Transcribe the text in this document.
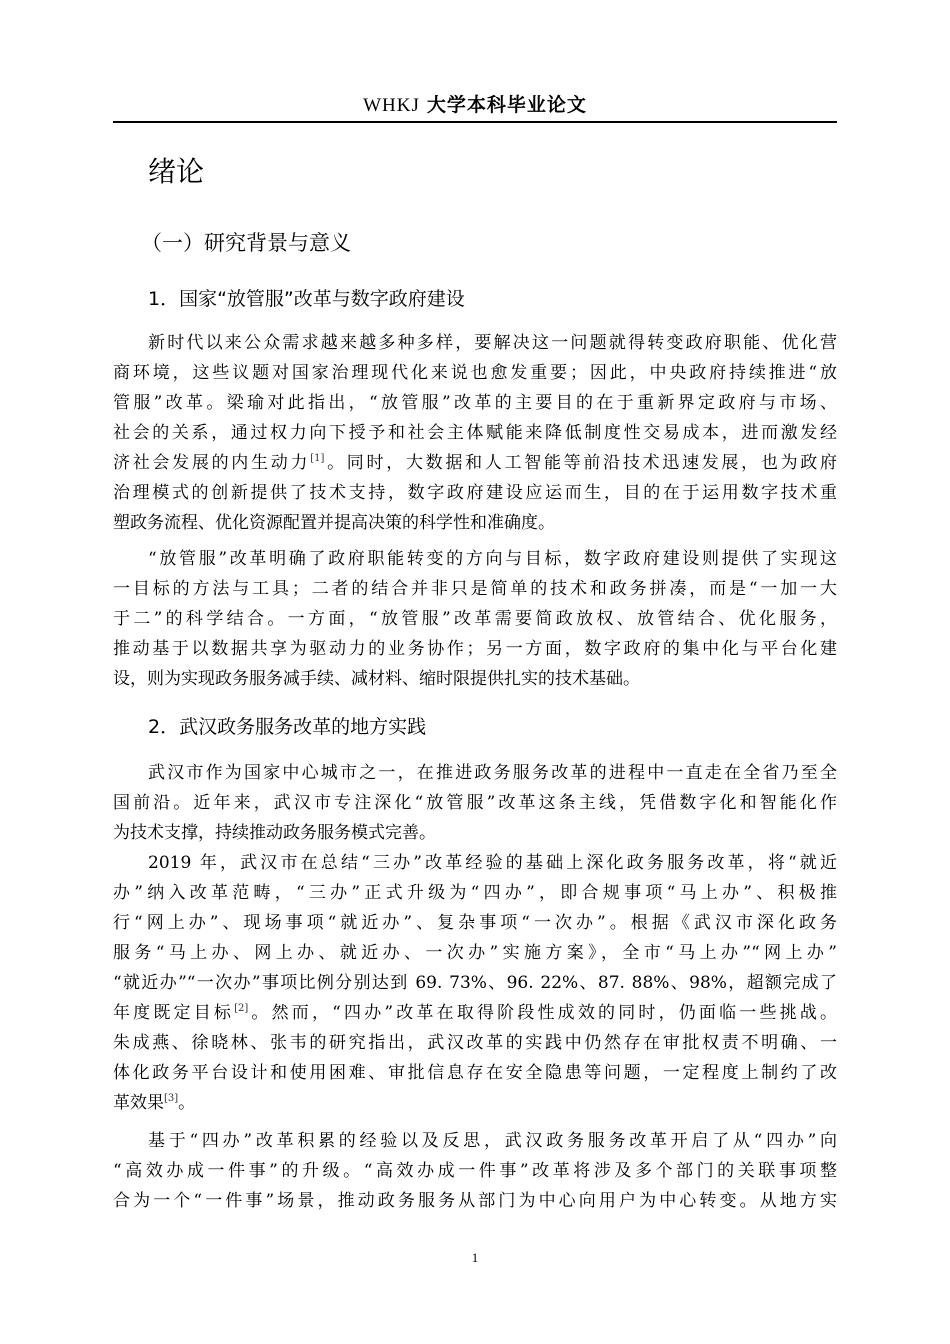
WHKJ 大学本科毕业论文
绪论
（一）研究背景与意义
1．国家“放管服”改革与数字政府建设
新时代以来公众需求越来越多种多样，要解决这一问题就得转变政府职能、优化营
商环境，这些议题对国家治理现代化来说也愈发重要；因此，中央政府持续推进“放
管服”改革。梁瑜对此指出，“放管服”改革的主要目的在于重新界定政府与市场、
社会的关系，通过权力向下授予和社会主体赋能来降低制度性交易成本，进而激发经
济社会发展的内生动力[1]。同时，大数据和人工智能等前沿技术迅速发展，也为政府
治理模式的创新提供了技术支持，数字政府建设应运而生，目的在于运用数字技术重
塑政务流程、优化资源配置并提高决策的科学性和准确度。
“放管服”改革明确了政府职能转变的方向与目标，数字政府建设则提供了实现这
一目标的方法与工具；二者的结合并非只是简单的技术和政务拼凑，而是“一加一大
于二”的科学结合。一方面，“放管服”改革需要简政放权、放管结合、优化服务，
推动基于以数据共享为驱动力的业务协作；另一方面，数字政府的集中化与平台化建
设，则为实现政务服务减手续、减材料、缩时限提供扎实的技术基础。
2．武汉政务服务改革的地方实践
武汉市作为国家中心城市之一，在推进政务服务改革的进程中一直走在全省乃至全
国前沿。近年来，武汉市专注深化“放管服”改革这条主线，凭借数字化和智能化作
为技术支撑，持续推动政务服务模式完善。
2019 年，武汉市在总结“三办”改革经验的基础上深化政务服务改革，将“就近
办”纳入改革范畴，“三办”正式升级为“四办”，即合规事项“马上办”、积极推
行“网上办”、现场事项“就近办”、复杂事项“一次办”。根据《武汉市深化政务
服务“马上办、网上办、就近办、一次办”实施方案》，全市“马上办”“网上办”
“就近办”“一次办”事项比例分别达到 69. 73%、96. 22%、87. 88%、98%，超额完成了
年度既定目标[2]。然而，“四办”改革在取得阶段性成效的同时，仍面临一些挑战。
朱成燕、徐晓林、张韦的研究指出，武汉改革的实践中仍然存在审批权责不明确、一
体化政务平台设计和使用困难、审批信息存在安全隐患等问题，一定程度上制约了改
革效果[3]。
基于“四办”改革积累的经验以及反思，武汉政务服务改革开启了从“四办”向
“高效办成一件事”的升级。“高效办成一件事”改革将涉及多个部门的关联事项整
合为一个“一件事”场景，推动政务服务从部门为中心向用户为中心转变。从地方实
1
